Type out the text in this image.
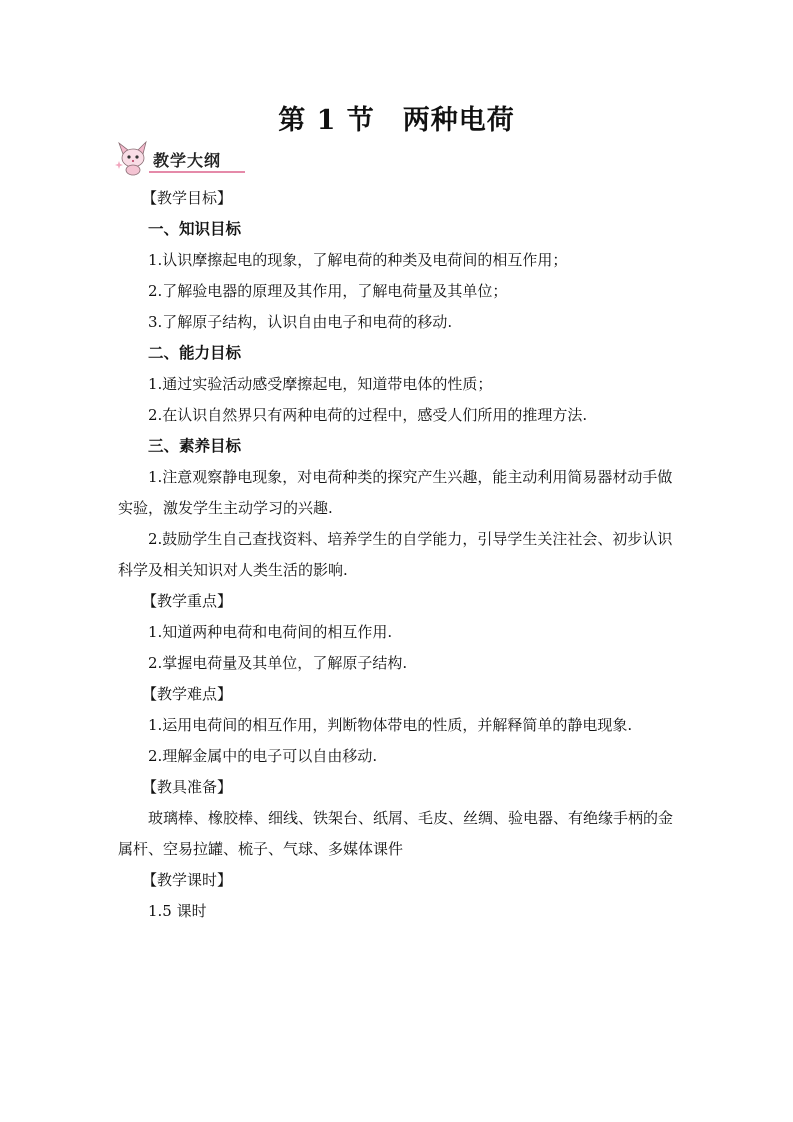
第 1 节　两种电荷
教学大纲

【教学目标】

一、知识目标

1.认识摩擦起电的现象，了解电荷的种类及电荷间的相互作用；

2.了解验电器的原理及其作用，了解电荷量及其单位；

3.了解原子结构，认识自由电子和电荷的移动.

二、能力目标

1.通过实验活动感受摩擦起电，知道带电体的性质；

2.在认识自然界只有两种电荷的过程中，感受人们所用的推理方法.

三、素养目标

1.注意观察静电现象，对电荷种类的探究产生兴趣，能主动利用简易器材动手做实验，激发学生主动学习的兴趣.

2.鼓励学生自己查找资料、培养学生的自学能力，引导学生关注社会、初步认识科学及相关知识对人类生活的影响.

【教学重点】

1.知道两种电荷和电荷间的相互作用.

2.掌握电荷量及其单位，了解原子结构.

【教学难点】

1.运用电荷间的相互作用，判断物体带电的性质，并解释简单的静电现象.

2.理解金属中的电子可以自由移动.

【教具准备】

玻璃棒、橡胶棒、细线、铁架台、纸屑、毛皮、丝绸、验电器、有绝缘手柄的金属杆、空易拉罐、梳子、气球、多媒体课件

【教学课时】

1.5 课时
